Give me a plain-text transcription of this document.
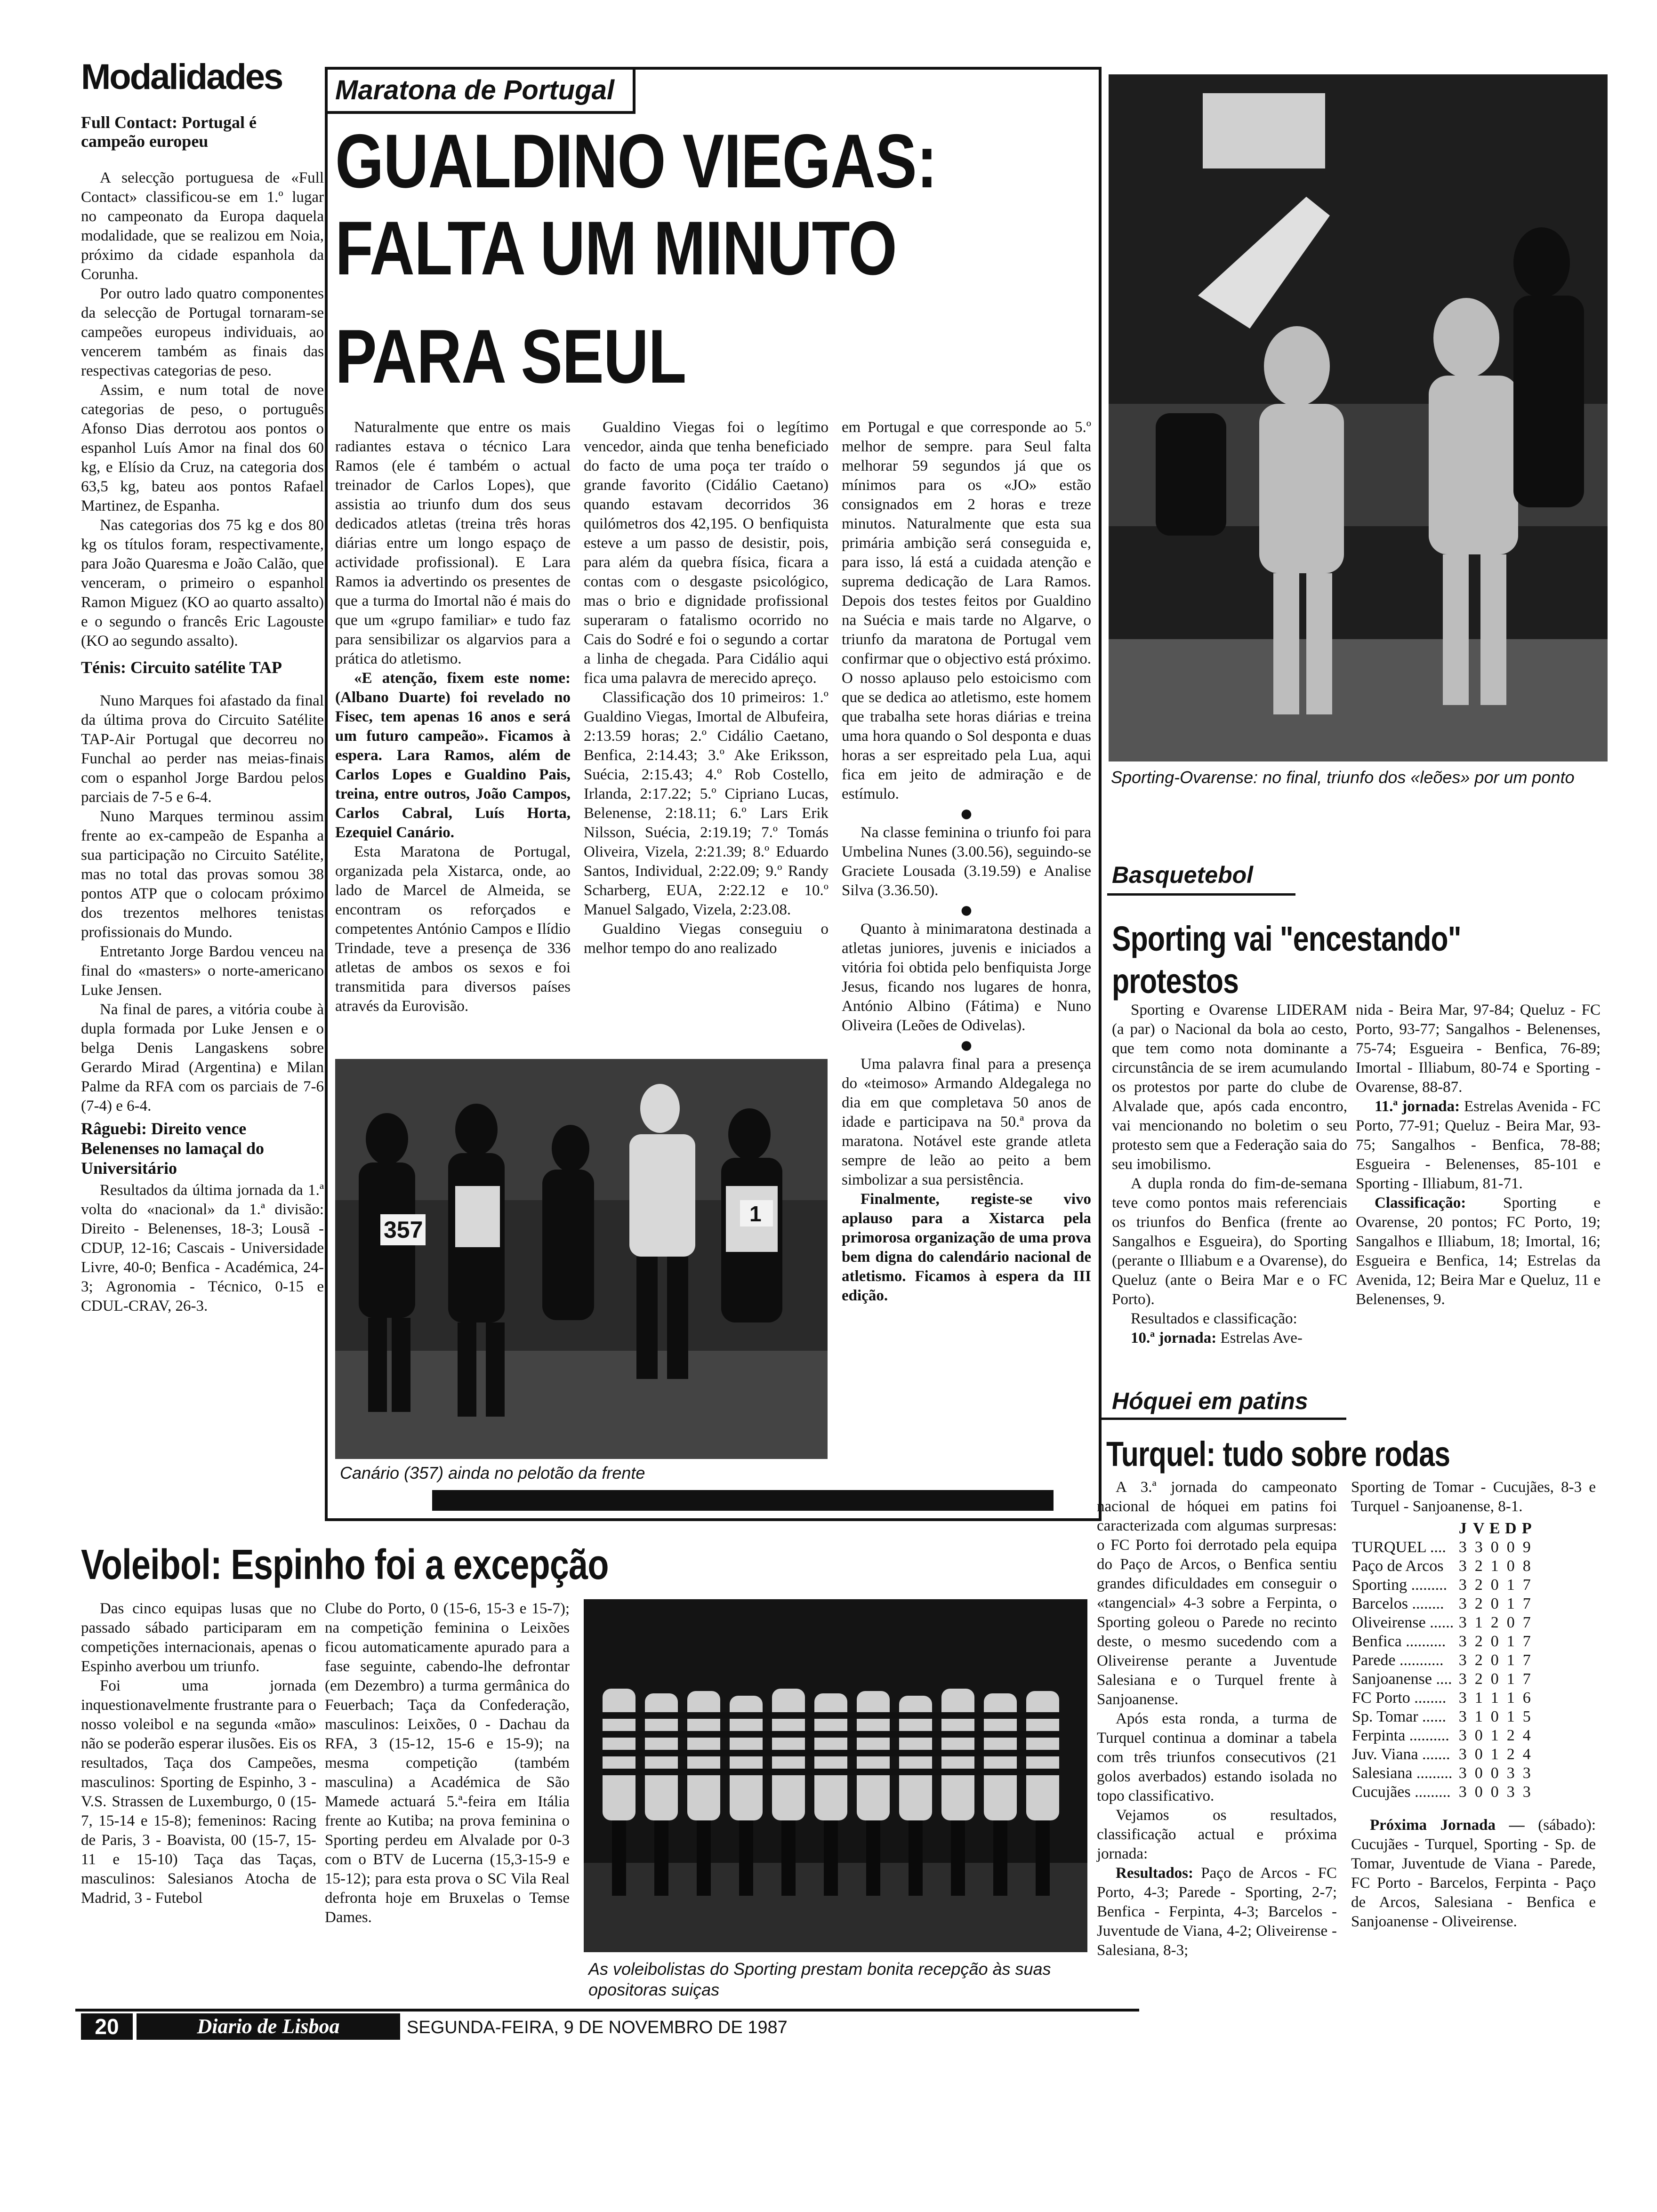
Modalidades
Full Contact: Portugal é campeão europeu

A selecção portuguesa de «Full Contact» classificou-se em 1.º lugar no campeonato da Europa daquela modalidade, que se realizou em Noia, próximo da cidade espanhola da Corunha.

Por outro lado quatro componentes da selecção de Portugal tornaram-se campeões europeus individuais, ao vencerem também as finais das respectivas categorias de peso.

Assim, e num total de nove categorias de peso, o português Afonso Dias derrotou aos pontos o espanhol Luís Amor na final dos 60 kg, e Elísio da Cruz, na categoria dos 63,5 kg, bateu aos pontos Rafael Martinez, de Espanha.

Nas categorias dos 75 kg e dos 80 kg os títulos foram, respectivamente, para João Quaresma e João Calão, que venceram, o primeiro o espanhol Ramon Miguez (KO ao quarto assalto) e o segundo o francês Eric Lagouste (KO ao segundo assalto).

Ténis: Circuito satélite TAP

Nuno Marques foi afastado da final da última prova do Circuito Satélite TAP-Air Portugal que decorreu no Funchal ao perder nas meias-finais com o espanhol Jorge Bardou pelos parciais de 7-5 e 6-4.

Nuno Marques terminou assim frente ao ex-campeão de Espanha a sua participação no Circuito Satélite, mas no total das provas somou 38 pontos ATP que o colocam próximo dos trezentos melhores tenistas profissionais do Mundo.

Entretanto Jorge Bardou venceu na final do «masters» o norte-americano Luke Jensen.

Na final de pares, a vitória coube à dupla formada por Luke Jensen e o belga Denis Langaskens sobre Gerardo Mirad (Argentina) e Milan Palme da RFA com os parciais de 7-6 (7-4) e 6-4.

Râguebi: Direito vence Belenenses no lamaçal do Universitário

Resultados da última jornada da 1.ª volta do «nacional» da 1.ª divisão: Direito - Belenenses, 18-3; Lousã - CDUP, 12-16; Cascais - Universidade Livre, 40-0; Benfica - Académica, 24-3; Agronomia - Técnico, 0-15 e CDUL-CRAV, 26-3.

Maratona de Portugal
GUALDINO VIEGAS:
FALTA UM MINUTO
PARA SEUL

Naturalmente que entre os mais radiantes estava o técnico Lara Ramos (ele é também o actual treinador de Carlos Lopes), que assistia ao triunfo dum dos seus dedicados atletas (treina três horas diárias entre um longo espaço de actividade profissional). E Lara Ramos ia advertindo os presentes de que a turma do Imortal não é mais do que um «grupo familiar» e tudo faz para sensibilizar os algarvios para a prática do atletismo.

«E atenção, fixem este nome: (Albano Duarte) foi revelado no Fisec, tem apenas 16 anos e será um futuro campeão». Ficamos à espera. Lara Ramos, além de Carlos Lopes e Gualdino Pais, treina, entre outros, João Campos, Carlos Cabral, Luís Horta, Ezequiel Canário.

Esta Maratona de Portugal, organizada pela Xistarca, onde, ao lado de Marcel de Almeida, se encontram os reforçados e competentes António Campos e Ilídio Trindade, teve a presença de 336 atletas de ambos os sexos e foi transmitida para diversos países através da Eurovisão.

Gualdino Viegas foi o legítimo vencedor, ainda que tenha beneficiado do facto de uma poça ter traído o grande favorito (Cidálio Caetano) quando estavam decorridos 36 quilómetros dos 42,195. O benfiquista esteve a um passo de desistir, pois, para além da quebra física, ficara a contas com o desgaste psicológico, mas o brio e dignidade profissional superaram o fatalismo ocorrido no Cais do Sodré e foi o segundo a cortar a linha de chegada. Para Cidálio aqui fica uma palavra de merecido apreço.

Classificação dos 10 primeiros: 1.º Gualdino Viegas, Imortal de Albufeira, 2:13.59 horas; 2.º Cidálio Caetano, Benfica, 2:14.43; 3.º Ake Eriksson, Suécia, 2:15.43; 4.º Rob Costello, Irlanda, 2:17.22; 5.º Cipriano Lucas, Belenense, 2:18.11; 6.º Lars Erik Nilsson, Suécia, 2:19.19; 7.º Tomás Oliveira, Vizela, 2:21.39; 8.º Eduardo Santos, Individual, 2:22.09; 9.º Randy Scharberg, EUA, 2:22.12 e 10.º Manuel Salgado, Vizela, 2:23.08.

Gualdino Viegas conseguiu o melhor tempo do ano realizado

em Portugal e que corresponde ao 5.º melhor de sempre. para Seul falta melhorar 59 segundos já que os mínimos para os «JO» estão consignados em 2 horas e treze minutos. Naturalmente que esta sua primária ambição será conseguida e, para isso, lá está a cuidada atenção e suprema dedicação de Lara Ramos. Depois dos testes feitos por Gualdino na Suécia e mais tarde no Algarve, o triunfo da maratona de Portugal vem confirmar que o objectivo está próximo. O nosso aplauso pelo estoicismo com que se dedica ao atletismo, este homem que trabalha sete horas diárias e treina uma hora quando o Sol desponta e duas horas a ser espreitado pela Lua, aqui fica em jeito de admiração e de estímulo.

●

Na classe feminina o triunfo foi para Umbelina Nunes (3.00.56), seguindo-se Graciete Lousada (3.19.59) e Analise Silva (3.36.50).

●

Quanto à minimaratona destinada a atletas juniores, juvenis e iniciados a vitória foi obtida pelo benfiquista Jorge Jesus, ficando nos lugares de honra, António Albino (Fátima) e Nuno Oliveira (Leões de Odivelas).

●

Uma palavra final para a presença do «teimoso» Armando Aldegalega no dia em que completava 50 anos de idade e participava na 50.ª prova da maratona. Notável este grande atleta sempre de leão ao peito a bem simbolizar a sua persistência.

Finalmente, registe-se vivo aplauso para a Xistarca pela primorosa organização de uma prova bem digna do calendário nacional de atletismo. Ficamos à espera da III edição.

357
1
Canário (357) ainda no pelotão da frente
Sporting-Ovarense: no final, triunfo dos «leões» por um ponto
Basquetebol
Sporting vai "encestando" protestos

Sporting e Ovarense LIDERAM (a par) o Nacional da bola ao cesto, que tem como nota dominante a circunstância de se irem acumulando os protestos por parte do clube de Alvalade que, após cada encontro, vai mencionando no boletim o seu protesto sem que a Federação saia do seu imobilismo.

A dupla ronda do fim-de-semana teve como pontos mais referenciais os triunfos do Benfica (frente ao Sangalhos e Esgueira), do Sporting (perante o Illiabum e a Ovarense), do Queluz (ante o Beira Mar e o FC Porto).

Resultados e classificação:

10.ª jornada: Estrelas Ave-

nida - Beira Mar, 97-84; Queluz - FC Porto, 93-77; Sangalhos - Belenenses, 75-74; Esgueira - Benfica, 76-89; Imortal - Illiabum, 80-74 e Sporting - Ovarense, 88-87.

11.ª jornada: Estrelas Avenida - FC Porto, 77-91; Queluz - Beira Mar, 93-75; Sangalhos - Benfica, 78-88; Esgueira - Belenenses, 85-101 e Sporting - Illiabum, 81-71.

Classificação: Sporting e Ovarense, 20 pontos; FC Porto, 19; Sangalhos e Illiabum, 18; Imortal, 16; Esgueira e Benfica, 14; Estrelas da Avenida, 12; Beira Mar e Queluz, 11 e Belenenses, 9.

Hóquei em patins
Turquel: tudo sobre rodas

A 3.ª jornada do campeonato nacional de hóquei em patins foi caracterizada com algumas surpresas: o FC Porto foi derrotado pela equipa do Paço de Arcos, o Benfica sentiu grandes dificuldades em conseguir o «tangencial» 4-3 sobre a Ferpinta, o Sporting goleou o Parede no recinto deste, o mesmo sucedendo com a Oliveirense perante a Juventude Salesiana e o Turquel frente à Sanjoanense.

Após esta ronda, a turma de Turquel continua a dominar a tabela com três triunfos consecutivos (21 golos averbados) estando isolada no topo classificativo.

Vejamos os resultados, classificação actual e próxima jornada:

Resultados: Paço de Arcos - FC Porto, 4-3; Parede - Sporting, 2-7; Benfica - Ferpinta, 4-3; Barcelos - Juventude de Viana, 4-2; Oliveirense - Salesiana, 8-3;

Sporting de Tomar - Cucujães, 8-3 e Turquel - Sanjoanense, 8-1.

	J	V	E	D	P
TURQUEL ....	3	3	0	0	9
Paço de Arcos	3	2	1	0	8
Sporting .........	3	2	0	1	7
Barcelos ........	3	2	0	1	7
Oliveirense ......	3	1	2	0	7
Benfica ..........	3	2	0	1	7
Parede ...........	3	2	0	1	7
Sanjoanense ....	3	2	0	1	7
FC Porto ........	3	1	1	1	6
Sp. Tomar ......	3	1	0	1	5
Ferpinta ..........	3	0	1	2	4
Juv. Viana .......	3	0	1	2	4
Salesiana .........	3	0	0	3	3
Cucujães .........	3	0	0	3	3

Próxima Jornada — (sábado): Cucujães - Turquel, Sporting - Sp. de Tomar, Juventude de Viana - Parede, FC Porto - Barcelos, Ferpinta - Paço de Arcos, Salesiana - Benfica e Sanjoanense - Oliveirense.

Voleibol: Espinho foi a excepção

Das cinco equipas lusas que no passado sábado participaram em competições internacionais, apenas o Espinho averbou um triunfo.

Foi uma jornada inquestionavelmente frustrante para o nosso voleibol e na segunda «mão» não se poderão esperar ilusões. Eis os resultados, Taça dos Campeões, masculinos: Sporting de Espinho, 3 - V.S. Strassen de Luxemburgo, 0 (15-7, 15-14 e 15-8); femeninos: Racing de Paris, 3 - Boavista, 00 (15-7, 15-11 e 15-10) Taça das Taças, masculinos: Salesianos Atocha de Madrid, 3 - Futebol

Clube do Porto, 0 (15-6, 15-3 e 15-7); na competição feminina o Leixões ficou automaticamente apurado para a fase seguinte, cabendo-lhe defrontar (em Dezembro) a turma germânica do Feuerbach; Taça da Confederação, masculinos: Leixões, 0 - Dachau da RFA, 3 (15-12, 15-6 e 15-9); na mesma competição (também masculina) a Académica de São Mamede actuará 5.ª-feira em Itália frente ao Kutiba; na prova feminina o Sporting perdeu em Alvalade por 0-3 com o BTV de Lucerna (15,3-15-9 e 15-12); para esta prova o SC Vila Real defronta hoje em Bruxelas o Temse Dames.

As voleibolistas do Sporting prestam bonita recepção às suas opositoras suiças
20	Diario de Lisboa	SEGUNDA-FEIRA, 9 DE NOVEMBRO DE 1987
